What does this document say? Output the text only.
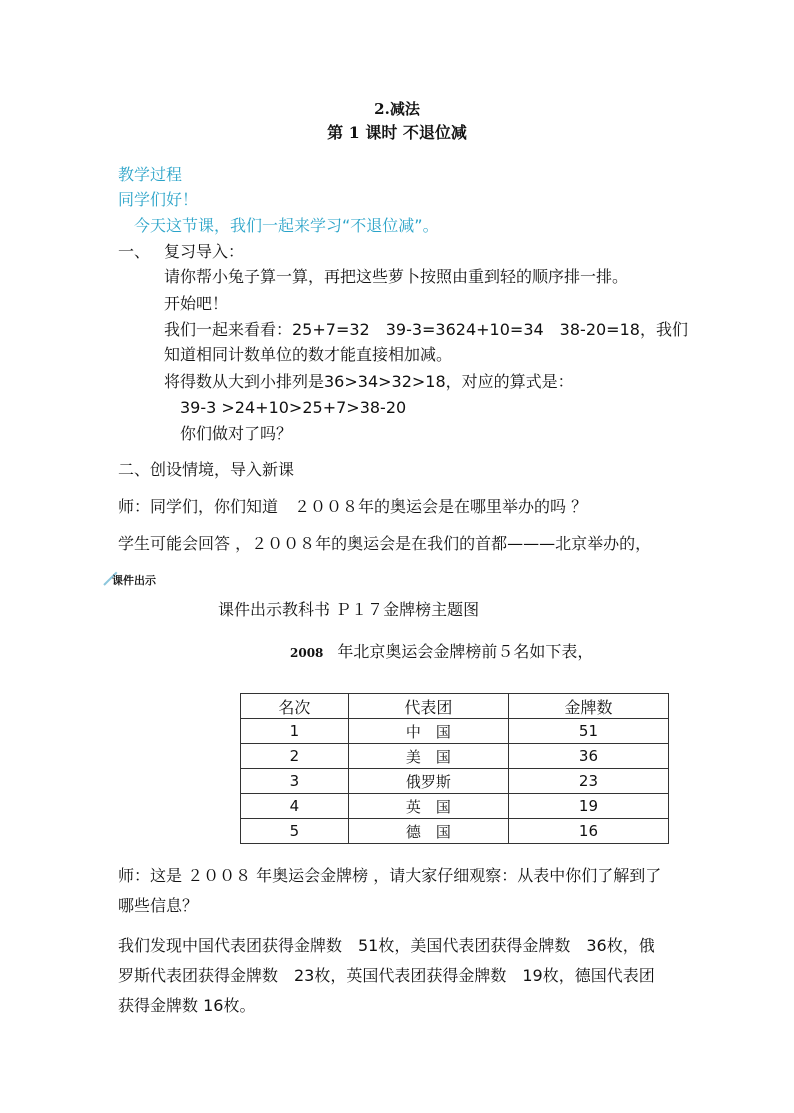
2.减法
第 1 课时 不退位减
教学过程
同学们好！
今天这节课，我们一起来学习“不退位减”。
一、 复习导入：
请你帮小兔子算一算，再把这些萝卜按照由重到轻的顺序排一排。
开始吧！
我们一起来看看：25+7=32　39-3=3624+10=34　38-20=18，我们
知道相同计数单位的数才能直接相加减。
将得数从大到小排列是36>34>32>18，对应的算式是：
39-3 >24+10>25+7>38-20
你们做对了吗？
二、创设情境，导入新课
师：同学们，你们知道　２００８年的奥运会是在哪里举办的吗 ？
学生可能会回答 ，２００８年的奥运会是在我们的首都———北京举办的，
课件出示
课件出示教科书 Ｐ１７金牌榜主题图
2008 年北京奥运会金牌榜前５名如下表，
名次	代表团	金牌数
1	中　国	51
2	美　国	36
3	俄罗斯	23
4	英　国	19
5	德　国	16
师：这是 ２００８ 年奥运会金牌榜 ，请大家仔细观察：从表中你们了解到了
哪些信息？
我们发现中国代表团获得金牌数　51枚，美国代表团获得金牌数　36枚，俄
罗斯代表团获得金牌数　23枚，英国代表团获得金牌数　19枚，德国代表团
获得金牌数 16枚。
